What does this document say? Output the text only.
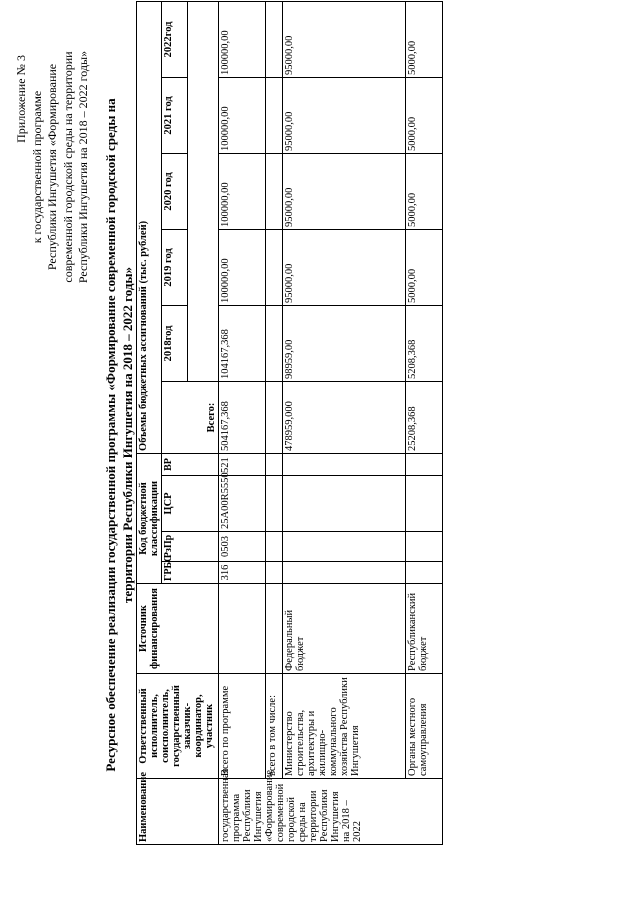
Приложение № 3 к государственной программе Республики Ингушетия «Формирование современной городской среды на территории Республики Ингушетия на 2018 – 2022 годы»
Ресурсное обеспечение реализации государственной программы «Формирование современной городской среды на
территории Республики Ингушетия на 2018 – 2022 годы»
Наименование	Ответственный исполнитель, соисполнитель, государственный заказчик-координатор, участник	Источник финансирования	Код бюджетной классификации				Объемы бюджетных ассигнований (тыс. рублей)					
			ГРБС	РзПр	ЦСР	ВР	Всего:	2018год	2019 год	2020 год	2021 год	2022год

государственная программа Республики Ингушетия «Формирование современной городской среды на территории Республики Ингушетия на 2018 – 2022	Всего по программе		316	0503	25А00R5550	521	504167,368	104167,368	100000,00	100000,00	100000,00	100000,00
	всего в том числе:											
	Министерство строительства, архитектуры и жилищно-коммунального хозяйства Республики Ингушетия	Федеральный бюджет					478959,000	98959,00	95000,00	95000,00	95000,00	95000,00
	Органы местного самоуправления	Республиканский бюджет					25208,368	5208,368	5000,00	5000,00	5000,00	5000,00
